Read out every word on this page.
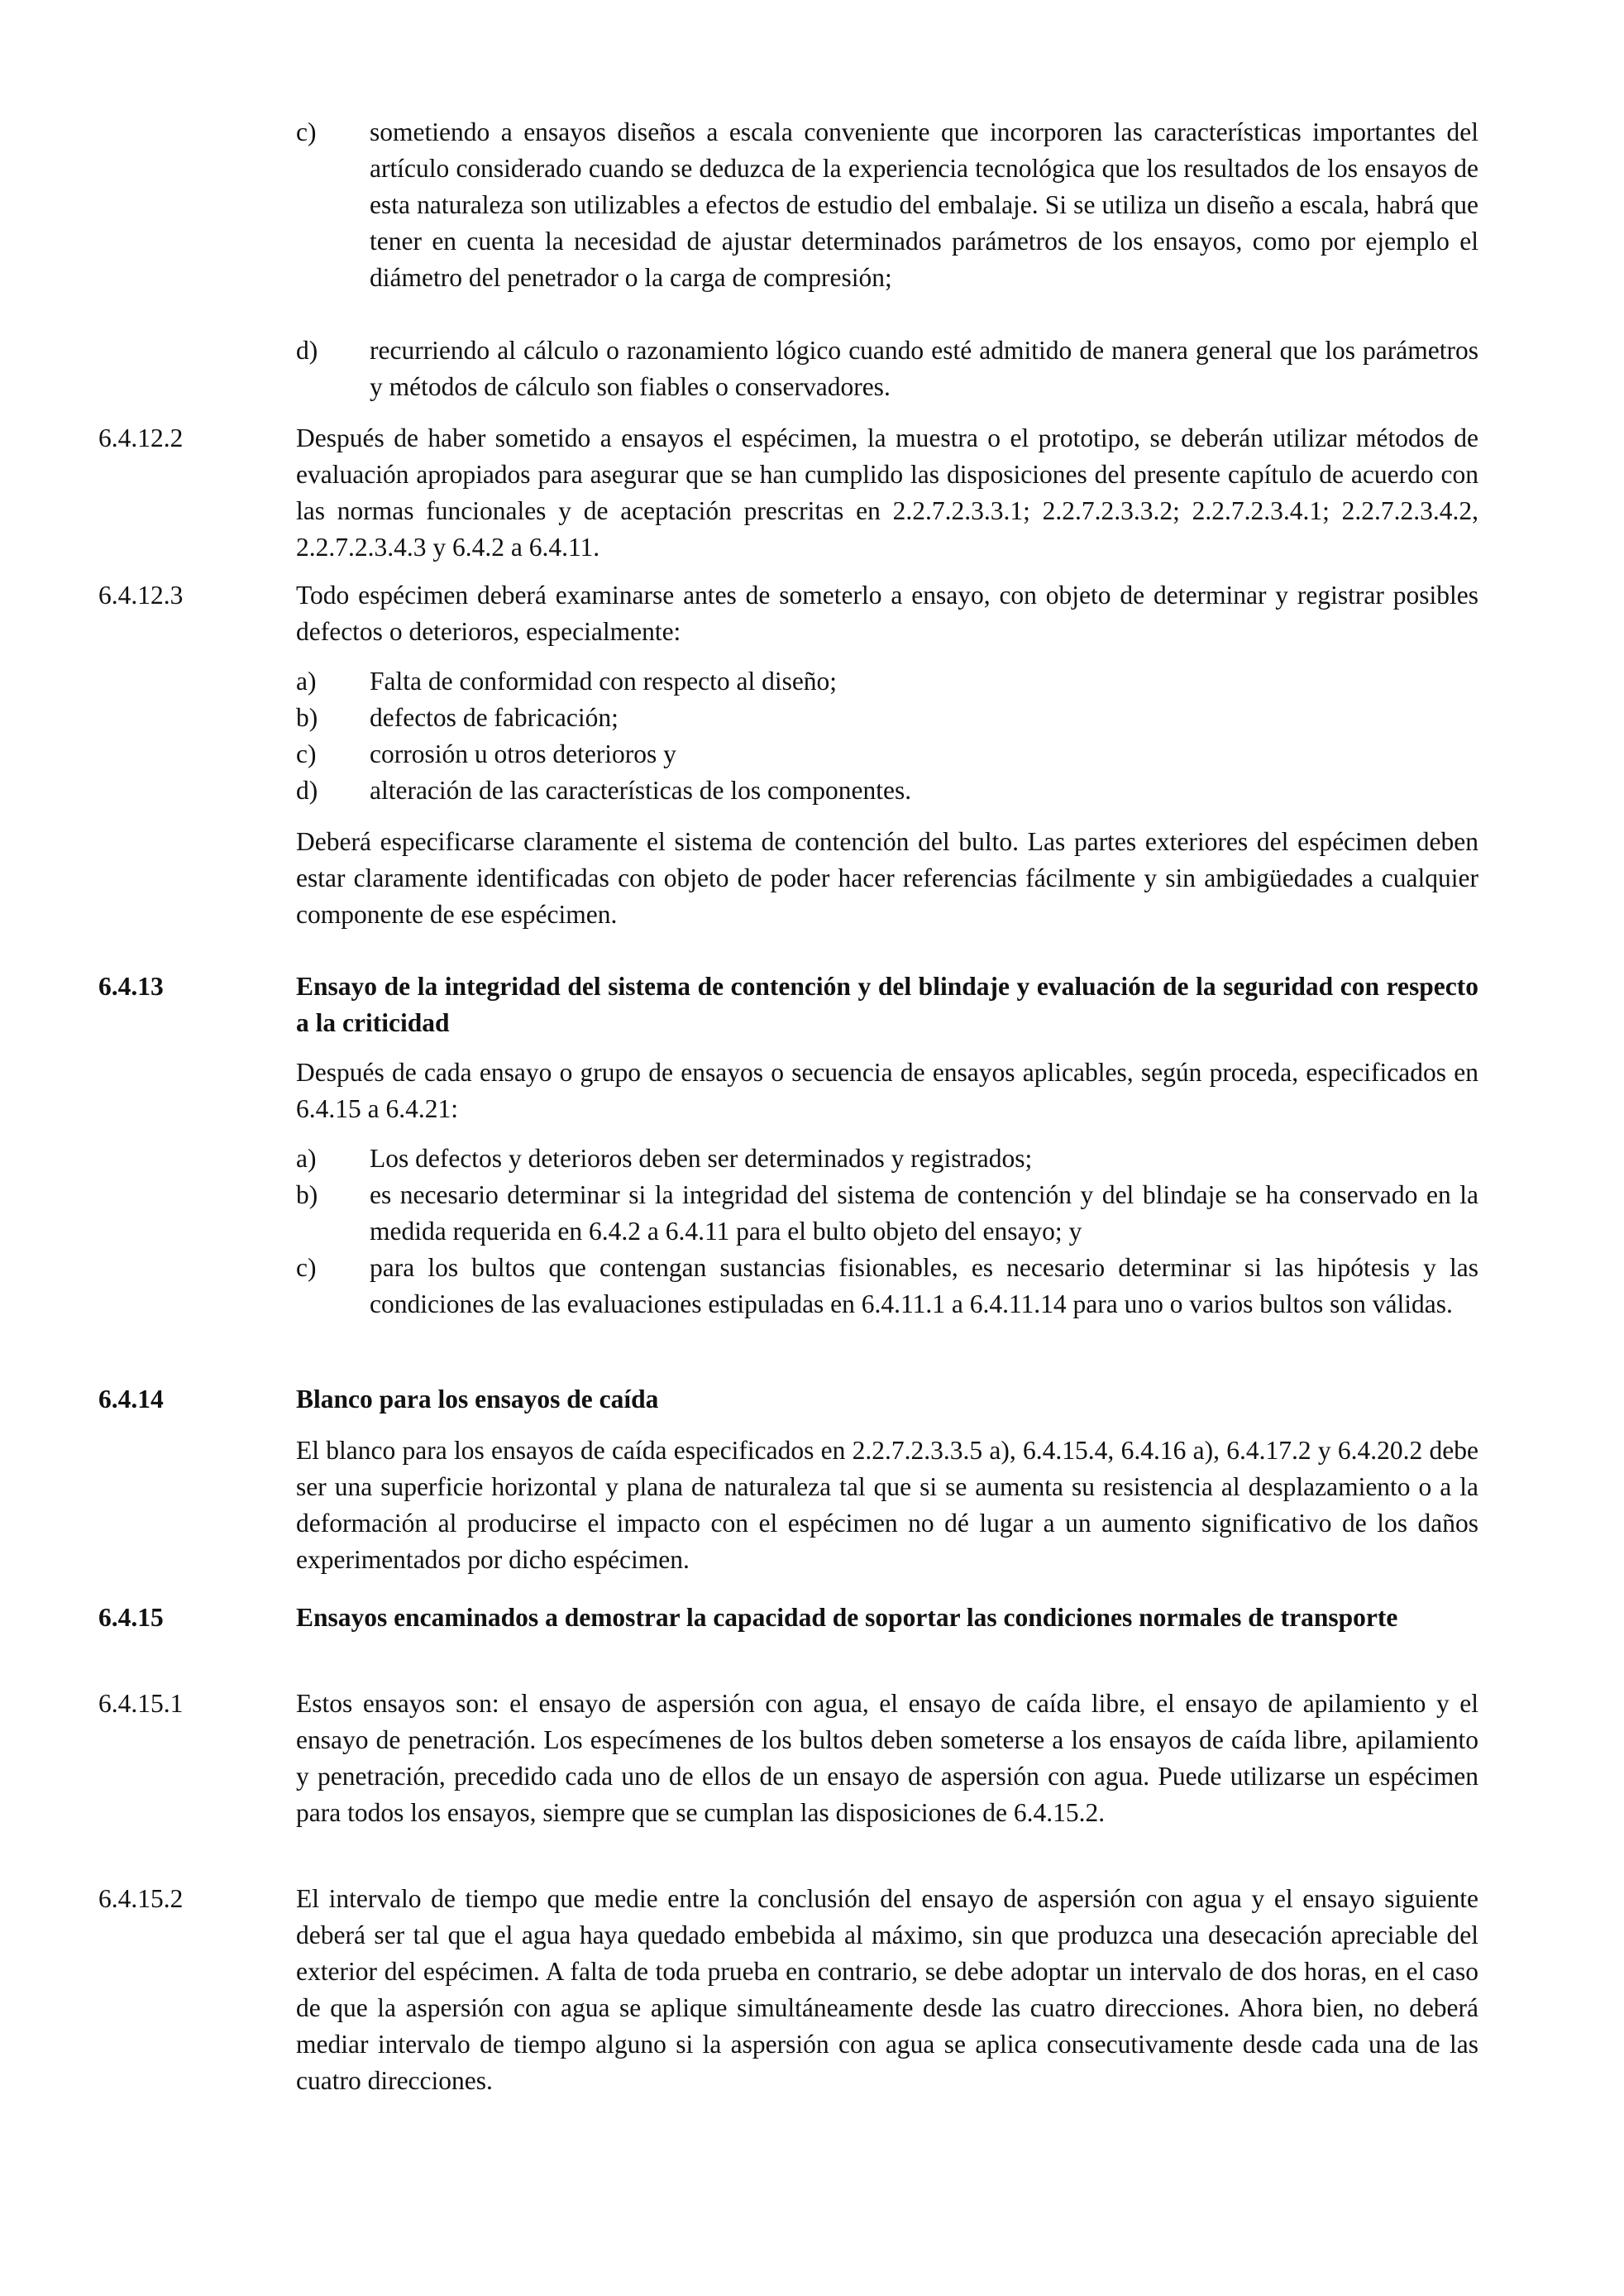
c) sometiendo a ensayos diseños a escala conveniente que incorporen las características importantes del artículo considerado cuando se deduzca de la experiencia tecnológica que los resultados de los ensayos de esta naturaleza son utilizables a efectos de estudio del embalaje. Si se utiliza un diseño a escala, habrá que tener en cuenta la necesidad de ajustar determinados parámetros de los ensayos, como por ejemplo el diámetro del penetrador o la carga de compresión;
d) recurriendo al cálculo o razonamiento lógico cuando esté admitido de manera general que los parámetros y métodos de cálculo son fiables o conservadores.

6.4.12.2	Después de haber sometido a ensayos el espécimen, la muestra o el prototipo, se deberán utilizar métodos de evaluación apropiados para asegurar que se han cumplido las disposiciones del presente capítulo de acuerdo con las normas funcionales y de aceptación prescritas en 2.2.7.2.3.3.1; 2.2.7.2.3.3.2; 2.2.7.2.3.4.1; 2.2.7.2.3.4.2, 2.2.7.2.3.4.3 y 6.4.2 a 6.4.11.

6.4.12.3	Todo espécimen deberá examinarse antes de someterlo a ensayo, con objeto de determinar y registrar posibles defectos o deterioros, especialmente:

a) Falta de conformidad con respecto al diseño;
b) defectos de fabricación;
c) corrosión u otros deterioros y
d) alteración de las características de los componentes.

Deberá especificarse claramente el sistema de contención del bulto. Las partes exteriores del espécimen deben estar claramente identificadas con objeto de poder hacer referencias fácilmente y sin ambigüedades a cualquier componente de ese espécimen.

6.4.13	Ensayo de la integridad del sistema de contención y del blindaje y evaluación de la seguridad con respecto a la criticidad

Después de cada ensayo o grupo de ensayos o secuencia de ensayos aplicables, según proceda, especificados en 6.4.15 a 6.4.21:

a) Los defectos y deterioros deben ser determinados y registrados;
b) es necesario determinar si la integridad del sistema de contención y del blindaje se ha conservado en la medida requerida en 6.4.2 a 6.4.11 para el bulto objeto del ensayo; y
c) para los bultos que contengan sustancias fisionables, es necesario determinar si las hipótesis y las condiciones de las evaluaciones estipuladas en 6.4.11.1 a 6.4.11.14 para uno o varios bultos son válidas.

6.4.14	Blanco para los ensayos de caída

El blanco para los ensayos de caída especificados en 2.2.7.2.3.3.5 a), 6.4.15.4, 6.4.16 a), 6.4.17.2 y 6.4.20.2 debe ser una superficie horizontal y plana de naturaleza tal que si se aumenta su resistencia al desplazamiento o a la deformación al producirse el impacto con el espécimen no dé lugar a un aumento significativo de los daños experimentados por dicho espécimen.

6.4.15	Ensayos encaminados a demostrar la capacidad de soportar las condiciones normales de transporte

6.4.15.1	Estos ensayos son: el ensayo de aspersión con agua, el ensayo de caída libre, el ensayo de apilamiento y el ensayo de penetración. Los especímenes de los bultos deben someterse a los ensayos de caída libre, apilamiento y penetración, precedido cada uno de ellos de un ensayo de aspersión con agua. Puede utilizarse un espécimen para todos los ensayos, siempre que se cumplan las disposiciones de 6.4.15.2.

6.4.15.2	El intervalo de tiempo que medie entre la conclusión del ensayo de aspersión con agua y el ensayo siguiente deberá ser tal que el agua haya quedado embebida al máximo, sin que produzca una desecación apreciable del exterior del espécimen. A falta de toda prueba en contrario, se debe adoptar un intervalo de dos horas, en el caso de que la aspersión con agua se aplique simultáneamente desde las cuatro direcciones. Ahora bien, no deberá mediar intervalo de tiempo alguno si la aspersión con agua se aplica consecutivamente desde cada una de las cuatro direcciones.
